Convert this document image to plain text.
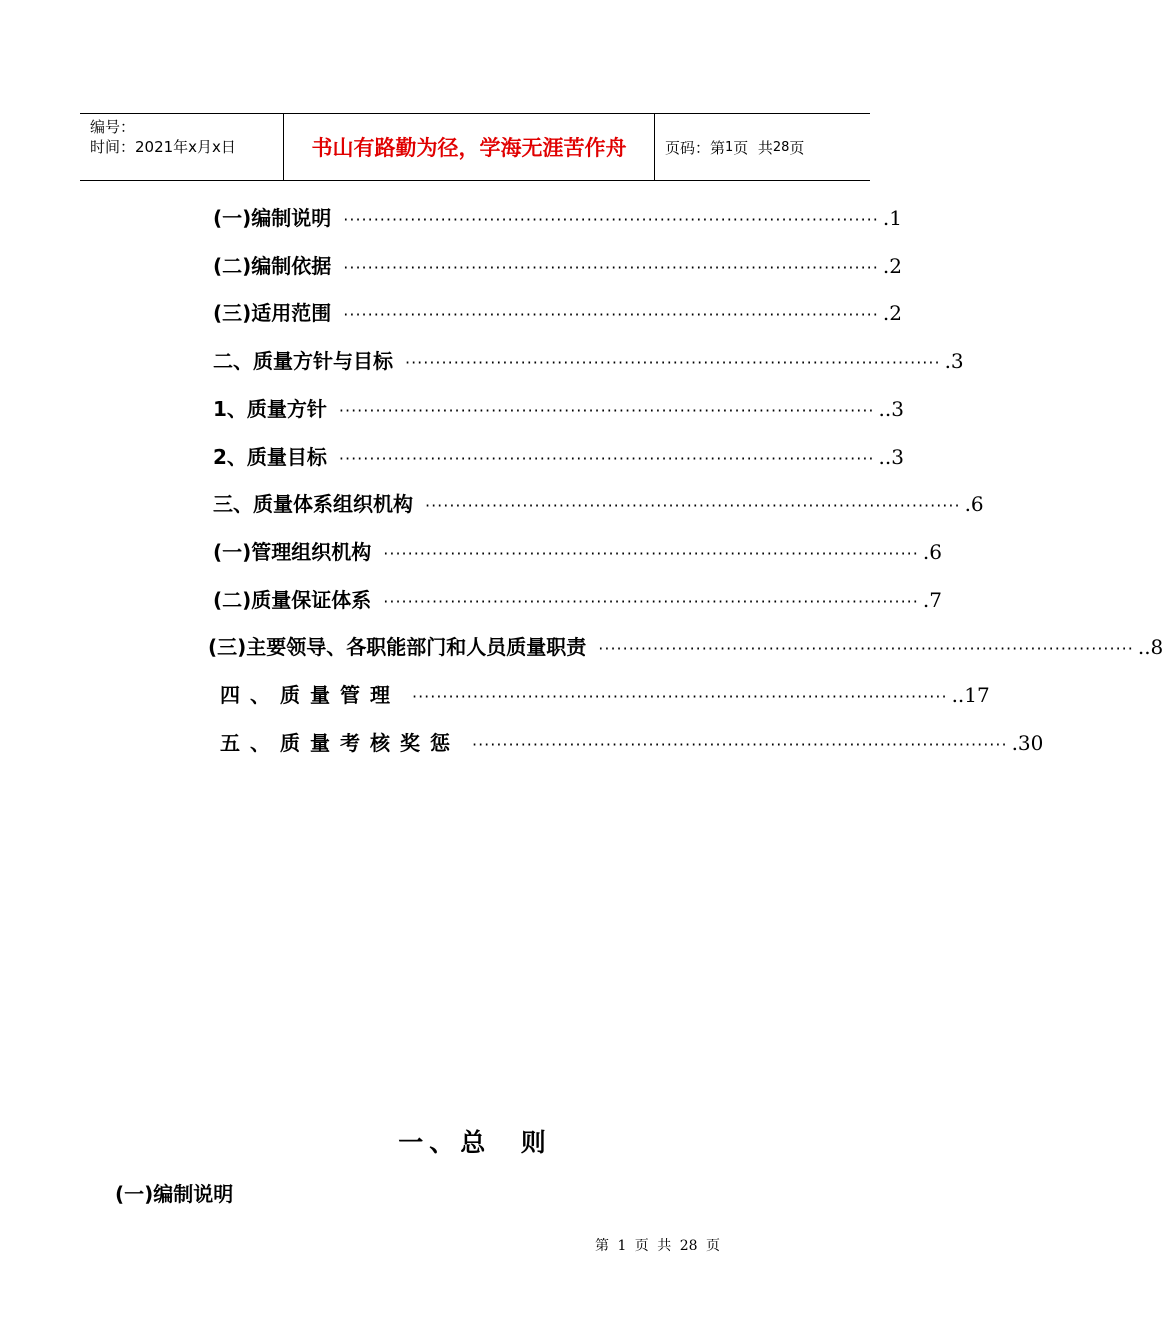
编号：
时间：2021年x月x日	书山有路勤为径，学海无涯苦作舟	页码：第 1 页  共 28 页
(一)编制说明 ························································································ .1
(二)编制依据 ························································································ .2
(三)适用范围 ························································································ .2
二、质量方针与目标 ························································································ .3
1、质量方针 ························································································ ..3
2、质量目标 ························································································ ..3
三、质量体系组织机构 ························································································ .6
(一)管理组织机构 ························································································ .6
(二)质量保证体系 ························································································ .7
(三)主要领导、各职能部门和人员质量职责 ························································································ ..8
四、质量管理 ························································································ ..17
五、质量考核奖惩 ························································································ .30
一、总  则
(一)编制说明
第 1 页 共 28 页
